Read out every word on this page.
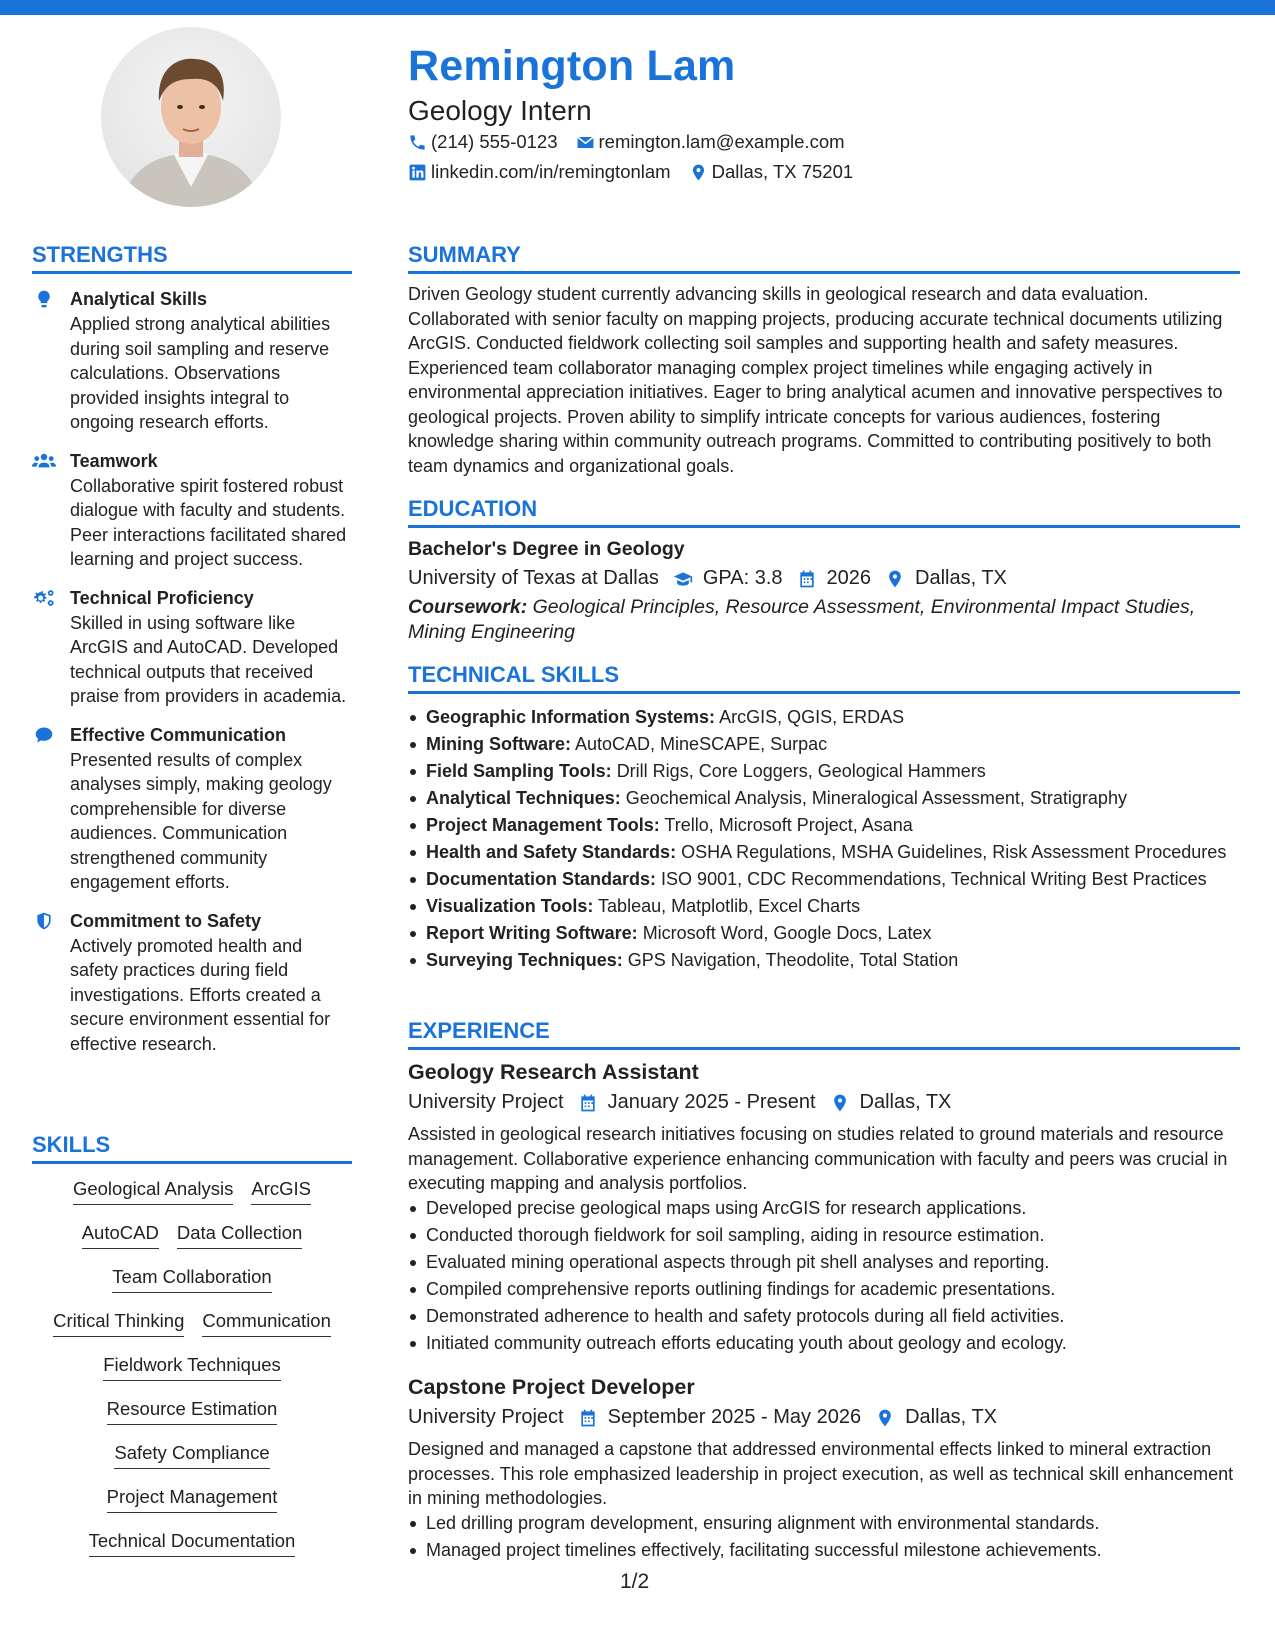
Remington Lam
Geology Intern
(214) 555-0123 remington.lam@example.com
linkedin.com/in/remingtonlam Dallas, TX 75201
STRENGTHS
Analytical Skills
Applied strong analytical abilities during soil sampling and reserve calculations. Observations provided insights integral to ongoing research efforts.
Teamwork
Collaborative spirit fostered robust dialogue with faculty and students. Peer interactions facilitated shared learning and project success.
Technical Proficiency
Skilled in using software like ArcGIS and AutoCAD. Developed technical outputs that received praise from providers in academia.
Effective Communication
Presented results of complex analyses simply, making geology comprehensible for diverse audiences. Communication strengthened community engagement efforts.
Commitment to Safety
Actively promoted health and safety practices during field investigations. Efforts created a secure environment essential for effective research.
SKILLS
Geological Analysis ArcGIS
AutoCAD Data Collection
Team Collaboration
Critical Thinking Communication
Fieldwork Techniques
Resource Estimation
Safety Compliance
Project Management
Technical Documentation
SUMMARY
Driven Geology student currently advancing skills in geological research and data evaluation. Collaborated with senior faculty on mapping projects, producing accurate technical documents utilizing ArcGIS. Conducted fieldwork collecting soil samples and supporting health and safety measures. Experienced team collaborator managing complex project timelines while engaging actively in environmental appreciation initiatives. Eager to bring analytical acumen and innovative perspectives to geological projects. Proven ability to simplify intricate concepts for various audiences, fostering knowledge sharing within community outreach programs. Committed to contributing positively to both team dynamics and organizational goals.
EDUCATION
Bachelor's Degree in Geology
University of Texas at Dallas GPA: 3.8 2026 Dallas, TX
Coursework: Geological Principles, Resource Assessment, Environmental Impact Studies, Mining Engineering
TECHNICAL SKILLS
Geographic Information Systems: ArcGIS, QGIS, ERDAS
Mining Software: AutoCAD, MineSCAPE, Surpac
Field Sampling Tools: Drill Rigs, Core Loggers, Geological Hammers
Analytical Techniques: Geochemical Analysis, Mineralogical Assessment, Stratigraphy
Project Management Tools: Trello, Microsoft Project, Asana
Health and Safety Standards: OSHA Regulations, MSHA Guidelines, Risk Assessment Procedures
Documentation Standards: ISO 9001, CDC Recommendations, Technical Writing Best Practices
Visualization Tools: Tableau, Matplotlib, Excel Charts
Report Writing Software: Microsoft Word, Google Docs, Latex
Surveying Techniques: GPS Navigation, Theodolite, Total Station
EXPERIENCE
Geology Research Assistant
University Project January 2025 - Present Dallas, TX
Assisted in geological research initiatives focusing on studies related to ground materials and resource management. Collaborative experience enhancing communication with faculty and peers was crucial in executing mapping and analysis portfolios.
Developed precise geological maps using ArcGIS for research applications.
Conducted thorough fieldwork for soil sampling, aiding in resource estimation.
Evaluated mining operational aspects through pit shell analyses and reporting.
Compiled comprehensive reports outlining findings for academic presentations.
Demonstrated adherence to health and safety protocols during all field activities.
Initiated community outreach efforts educating youth about geology and ecology.
Capstone Project Developer
University Project September 2025 - May 2026 Dallas, TX
Designed and managed a capstone that addressed environmental effects linked to mineral extraction processes. This role emphasized leadership in project execution, as well as technical skill enhancement in mining methodologies.
Led drilling program development, ensuring alignment with environmental standards.
Managed project timelines effectively, facilitating successful milestone achievements.
1/2
